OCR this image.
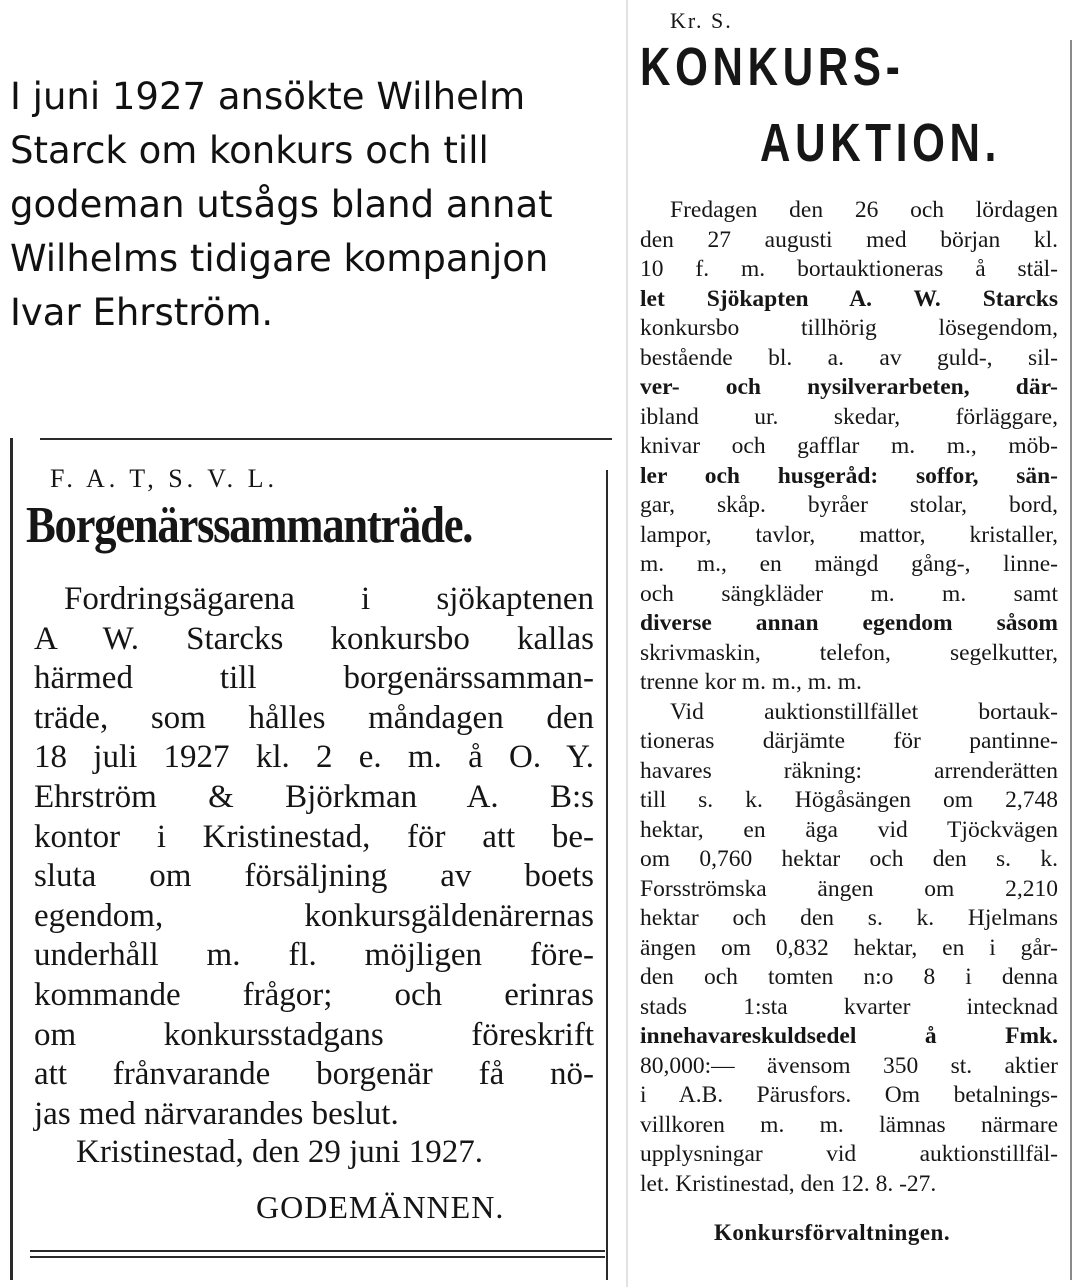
I juni 1927 ansökte Wilhelm
Starck om konkurs och till
godeman utsågs bland annat
Wilhelms tidigare kompanjon
Ivar Ehrström.
F. A. T, S. V. L.
Borgenärssammanträde.
Fordringsägarena i sjökaptenen
A W. Starcks konkursbo kallas
härmed till borgenärssamman-
träde, som hålles måndagen den
18 juli 1927 kl. 2 e. m. å O. Y.
Ehrström & Björkman A. B:s
kontor i Kristinestad, för att be-
sluta om försäljning av boets
egendom, konkursgäldenärernas
underhåll m. fl. möjligen före-
kommande frågor; och erinras
om konkursstadgans föreskrift
att frånvarande borgenär få nö-
jas med närvarandes beslut.
Kristinestad, den 29 juni 1927.
GODEMÄNNEN.
Kr. S.
KONKURS-
AUKTION.
Fredagen den 26 och lördagen
den 27 augusti med början kl.
10 f. m. bortauktioneras å stäl-
let Sjökapten A. W. Starcks
konkursbo tillhörig lösegendom,
bestående bl. a. av guld-, sil-
ver- och nysilverarbeten, där-
ibland ur. skedar, förläggare,
knivar och gafflar m. m., möb-
ler och husgeråd: soffor, sän-
gar, skåp. byråer stolar, bord,
lampor, tavlor, mattor, kristaller,
m. m., en mängd gång-, linne-
och sängkläder m. m. samt
diverse annan egendom såsom
skrivmaskin, telefon, segelkutter,
trenne kor m. m., m. m.
Vid auktionstillfället bortauk-
tioneras därjämte för pantinne-
havares räkning: arrenderätten
till s. k. Högåsängen om 2,748
hektar, en äga vid Tjöckvägen
om 0,760 hektar och den s. k.
Forsströmska ängen om 2,210
hektar och den s. k. Hjelmans
ängen om 0,832 hektar, en i går-
den och tomten n:o 8 i denna
stads 1:sta kvarter intecknad
innehavareskuldsedel å Fmk.
80,000:— ävensom 350 st. aktier
i A.B. Pärusfors. Om betalnings-
villkoren m. m. lämnas närmare
upplysningar vid auktionstillfäl-
let. Kristinestad, den 12. 8. -27.
Konkursförvaltningen.
